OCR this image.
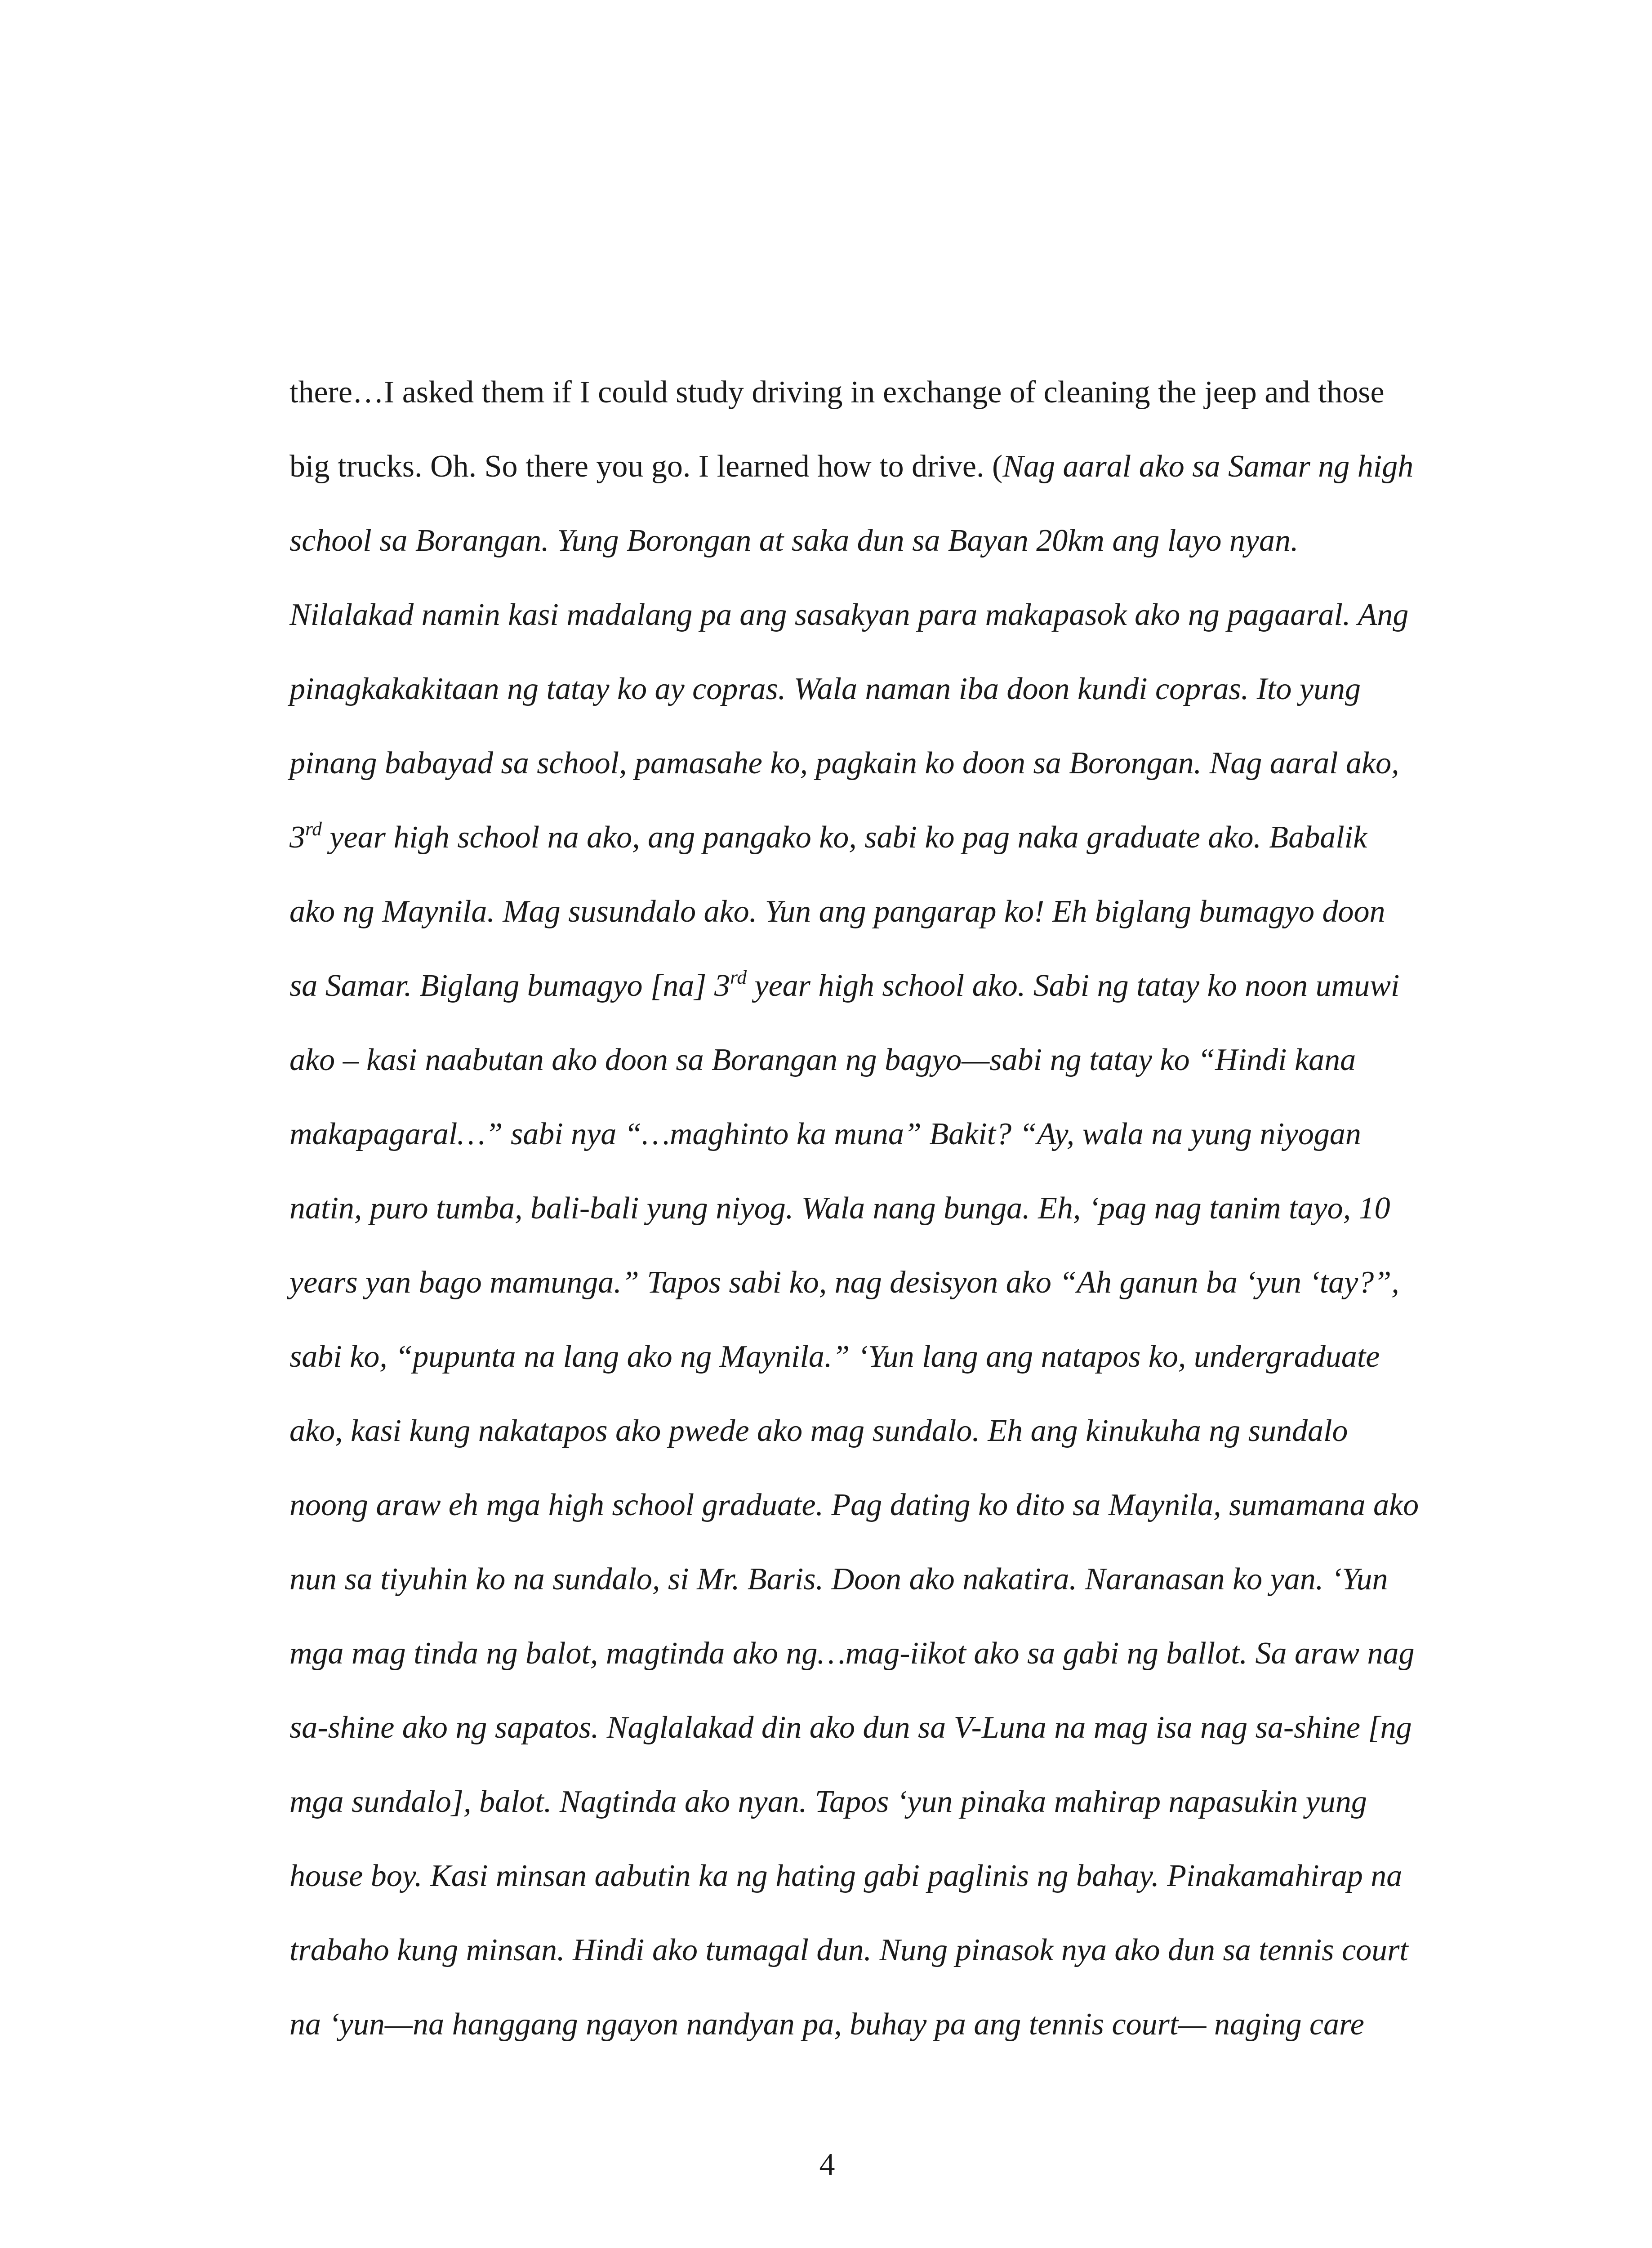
there…I asked them if I could study driving in exchange of cleaning the jeep and those
big trucks. Oh. So there you go. I learned how to drive. (Nag aaral ako sa Samar ng high
school sa Borangan. Yung Borongan at saka dun sa Bayan 20km ang layo nyan.
Nilalakad namin kasi madalang pa ang sasakyan para makapasok ako ng pagaaral. Ang
pinagkakakitaan ng tatay ko ay copras. Wala naman iba doon kundi copras. Ito yung
pinang babayad sa school, pamasahe ko, pagkain ko doon sa Borongan. Nag aaral ako,
3rd year high school na ako, ang pangako ko, sabi ko pag naka graduate ako. Babalik
ako ng Maynila. Mag susundalo ako. Yun ang pangarap ko! Eh biglang bumagyo doon
sa Samar. Biglang bumagyo [na] 3rd year high school ako. Sabi ng tatay ko noon umuwi
ako – kasi naabutan ako doon sa Borangan ng bagyo—sabi ng tatay ko “Hindi kana
makapagaral…” sabi nya “…maghinto ka muna” Bakit? “Ay, wala na yung niyogan
natin, puro tumba, bali-bali yung niyog. Wala nang bunga. Eh, ‘pag nag tanim tayo, 10
years yan bago mamunga.” Tapos sabi ko, nag desisyon ako “Ah ganun ba ‘yun ‘tay?”,
sabi ko, “pupunta na lang ako ng Maynila.” ‘Yun lang ang natapos ko, undergraduate
ako, kasi kung nakatapos ako pwede ako mag sundalo. Eh ang kinukuha ng sundalo
noong araw eh mga high school graduate. Pag dating ko dito sa Maynila, sumamana ako
nun sa tiyuhin ko na sundalo, si Mr. Baris. Doon ako nakatira. Naranasan ko yan. ‘Yun
mga mag tinda ng balot, magtinda ako ng…mag-iikot ako sa gabi ng ballot. Sa araw nag
sa-shine ako ng sapatos. Naglalakad din ako dun sa V-Luna na mag isa nag sa-shine [ng
mga sundalo], balot. Nagtinda ako nyan. Tapos ‘yun pinaka mahirap napasukin yung
house boy. Kasi minsan aabutin ka ng hating gabi paglinis ng bahay. Pinakamahirap na
trabaho kung minsan. Hindi ako tumagal dun. Nung pinasok nya ako dun sa tennis court
na ‘yun—na hanggang ngayon nandyan pa, buhay pa ang tennis court— naging care
4
